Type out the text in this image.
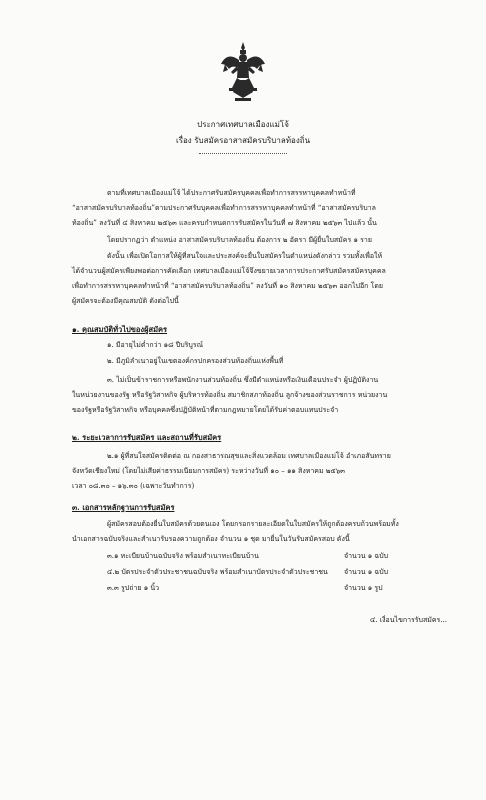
ประกาศเทศบาลเมืองแม่โจ้
เรื่อง รับสมัครอาสาสมัครบริบาลท้องถิ่น
ตามที่เทศบาลเมืองแม่โจ้ ได้ประกาศรับสมัครบุคคลเพื่อทำการสรรหาบุคคลทำหน้าที่
“อาสาสมัครบริบาลท้องถิ่น”ตามประกาศรับบุคคลเพื่อทำการสรรหาบุคคลทำหน้าที่ “อาสาสมัครบริบาล
ท้องถิ่น” ลงวันที่ ๔ สิงหาคม ๒๕๖๓ และครบกำหนดการรับสมัครในวันที่ ๗ สิงหาคม ๒๕๖๓ ไปแล้ว นั้น
โดยปรากฏว่า ตำแหน่ง อาสาสมัครบริบาลท้องถิ่น ต้องการ ๒ อัตรา มีผู้ยื่นใบสมัคร ๑ ราย
ดังนั้น เพื่อเปิดโอกาสให้ผู้ที่สนใจและประสงค์จะยื่นใบสมัครในตำแหน่งดังกล่าว รวมทั้งเพื่อให้
ได้จำนวนผู้สมัครเพียงพอต่อการคัดเลือก เทศบาลเมืองแม่โจ้จึงขยายเวลาการประกาศรับสมัครสมัครบุคคล
เพื่อทำการสรรหาบุคคลทำหน้าที่ “อาสาสมัครบริบาลท้องถิ่น” ลงวันที่ ๑๐ สิงหาคม ๒๕๖๓ ออกไปอีก โดย
ผู้สมัครจะต้องมีคุณสมบัติ ดังต่อไปนี้
๑. คุณสมบัติทั่วไปของผู้สมัคร
๑. มีอายุไม่ต่ำกว่า ๑๘ ปีบริบูรณ์
๒. มีภูมิลำเนาอยู่ในเขตองค์กรปกครองส่วนท้องถิ่นแห่งพื้นที่
๓. ไม่เป็นข้าราชการหรือพนักงานส่วนท้องถิ่น ซึ่งมีตำแหน่งหรือเงินเดือนประจำ ผู้ปฏิบัติงาน
ในหน่วยงานของรัฐ หรือรัฐวิสาหกิจ ผู้บริหารท้องถิ่น สมาชิกสภาท้องถิ่น ลูกจ้างของส่วนราชการ หน่วยงาน
ของรัฐหรือรัฐวิสาหกิจ หรือบุคคลซึ่งปฏิบัติหน้าที่ตามกฎหมายโดยได้รับค่าตอบแทนประจำ
๒. ระยะเวลาการรับสมัคร และสถานที่รับสมัคร
๒.๑ ผู้ที่สนใจสมัครติดต่อ ณ กองสาธารณสุขและสิ่งแวดล้อม เทศบาลเมืองแม่โจ้ อำเภอสันทราย
จังหวัดเชียงใหม่ (โดยไม่เสียค่าธรรมเนียมการสมัคร) ระหว่างวันที่ ๑๐ – ๑๑ สิงหาคม ๒๕๖๓
เวลา ๐๘.๓๐ – ๑๖.๓๐ (เฉพาะวันทำการ)
๓. เอกสารหลักฐานการรับสมัคร
ผู้สมัครสอบต้องยื่นใบสมัครด้วยตนเอง โดยกรอกรายละเอียดในใบสมัครให้ถูกต้องครบถ้วนพร้อมทั้ง
นำเอกสารฉบับจริงและสำเนารับรองความถูกต้อง จำนวน ๑ ชุด มายื่นในวันรับสมัครสอบ ดังนี้
๓.๑ ทะเบียนบ้านฉบับจริง พร้อมสำเนาทะเบียนบ้าน	จำนวน ๑ ฉบับ
๔.๒ บัตรประจำตัวประชาชนฉบับจริง พร้อมสำเนาบัตรประจำตัวประชาชน จำนวน ๑ ฉบับ
๓.๓ รูปถ่าย ๑ นิ้ว	จำนวน ๑ รูป
๔. เงื่อนไขการรับสมัคร...
